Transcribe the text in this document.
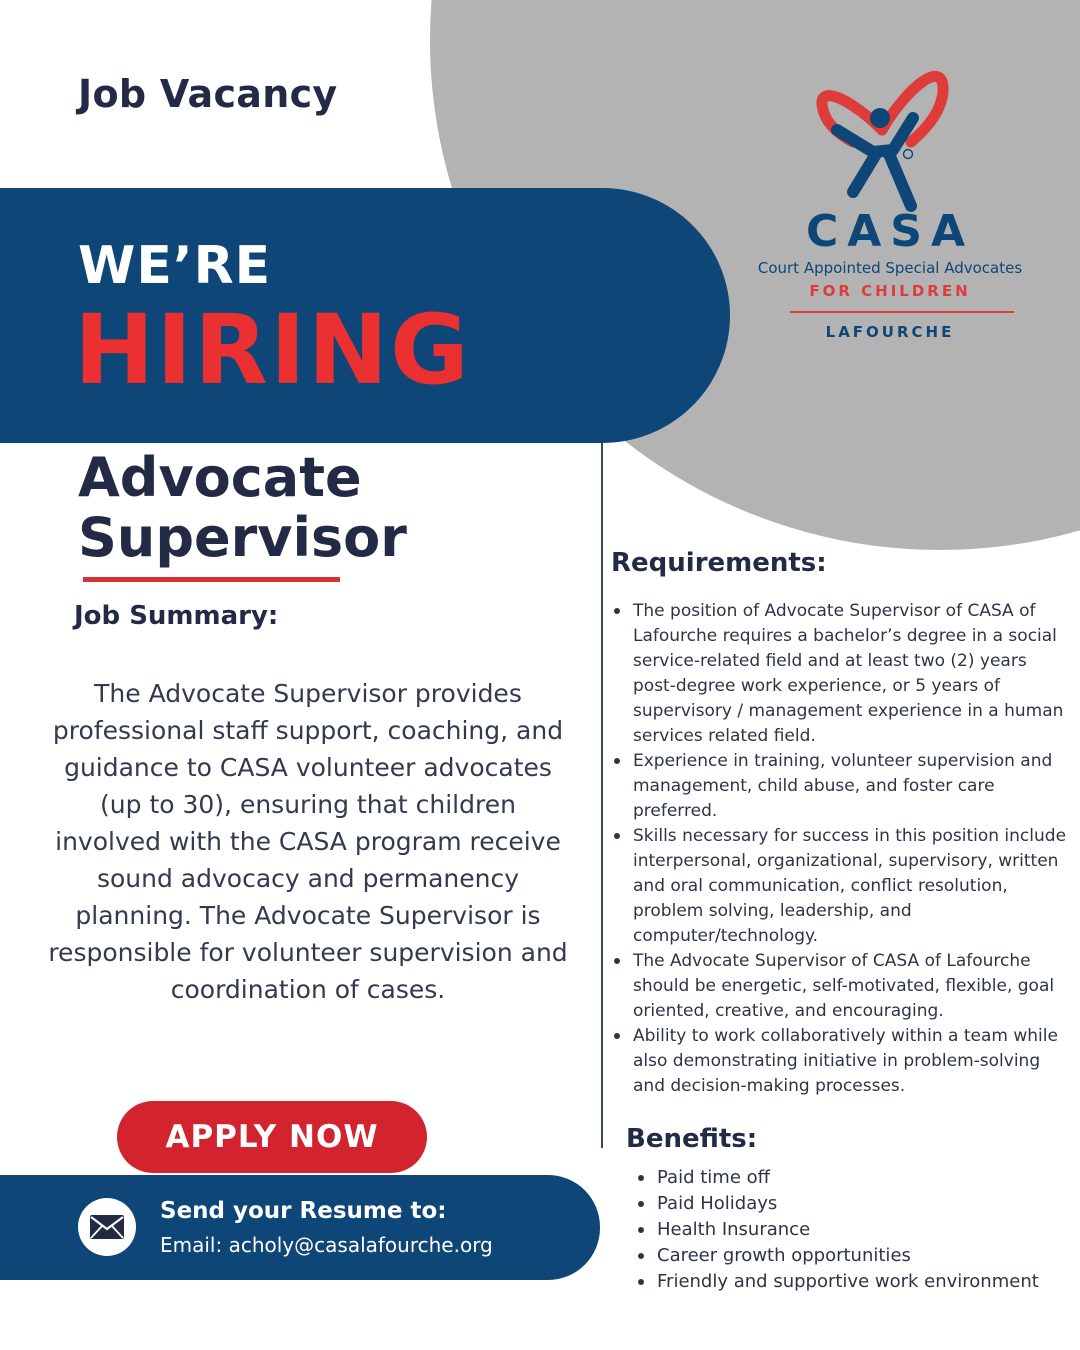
Job Vacancy
WE’RE
HIRING
CASA
Court Appointed Special Advocates
FOR CHILDREN
LAFOURCHE
Advocate
Supervisor
Job Summary:
The Advocate Supervisor provides professional staff support, coaching, and guidance to CASA volunteer advocates (up to 30), ensuring that children involved with the CASA program receive sound advocacy and permanency planning. The Advocate Supervisor is responsible for volunteer supervision and coordination of cases.
APPLY NOW
Send your Resume to:
Email: acholy@casalafourche.org
Requirements:
The position of Advocate Supervisor of CASA of Lafourche requires a bachelor’s degree in a social service-related field and at least two (2) years post-degree work experience, or 5 years of supervisory / management experience in a human services related field.
Experience in training, volunteer supervision and management, child abuse, and foster care preferred.
Skills necessary for success in this position include interpersonal, organizational, supervisory, written and oral communication, conflict resolution, problem solving, leadership, and computer/technology.
The Advocate Supervisor of CASA of Lafourche should be energetic, self-motivated, flexible, goal oriented, creative, and encouraging.
Ability to work collaboratively within a team while also demonstrating initiative in problem-solving and decision-making processes.
Benefits:
Paid time off
Paid Holidays
Health Insurance
Career growth opportunities
Friendly and supportive work environment
